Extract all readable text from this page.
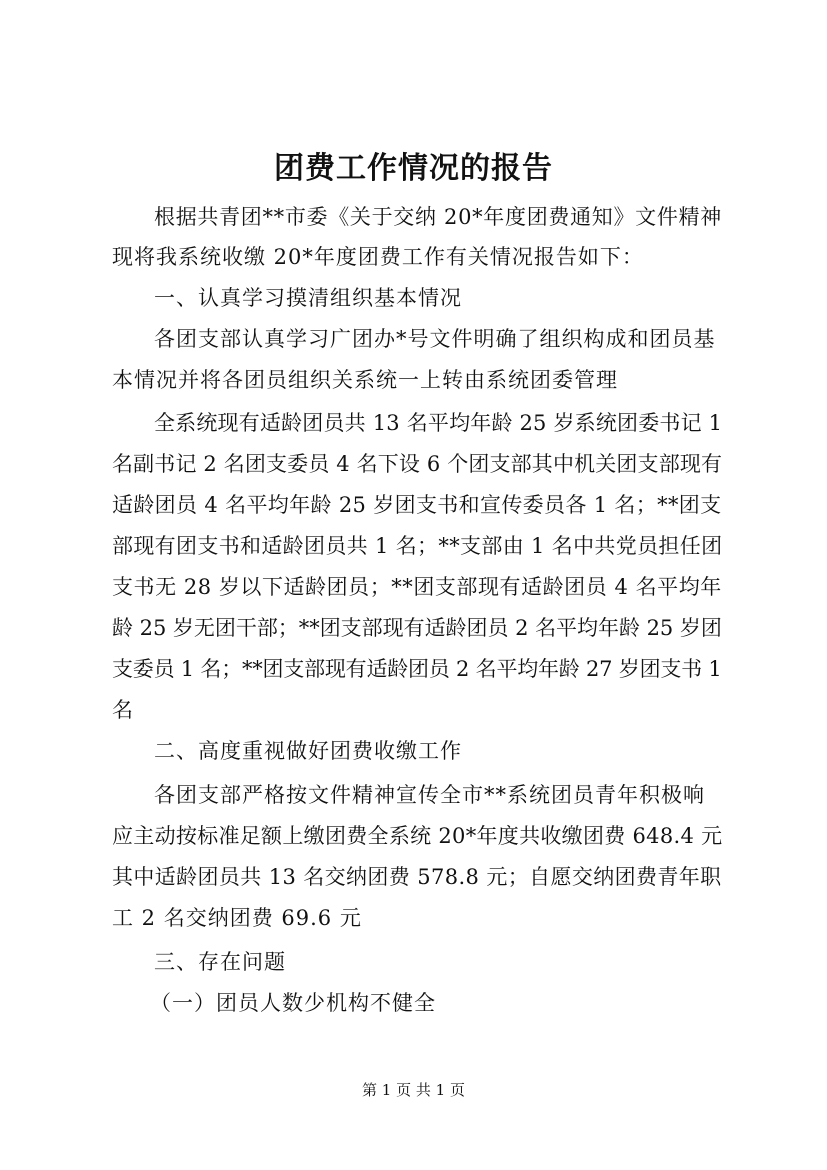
团费工作情况的报告
根据共青团**市委《关于交纳 20*年度团费通知》文件精神
现将我系统收缴 20*年度团费工作有关情况报告如下：
一、认真学习摸清组织基本情况
各团支部认真学习广团办*号文件明确了组织构成和团员基
本情况并将各团员组织关系统一上转由系统团委管理
全系统现有适龄团员共 13 名平均年龄 25 岁系统团委书记 1
名副书记 2 名团支委员 4 名下设 6 个团支部其中机关团支部现有
适龄团员 4 名平均年龄 25 岁团支书和宣传委员各 1 名；**团支
部现有团支书和适龄团员共 1 名；**支部由 1 名中共党员担任团
支书无 28 岁以下适龄团员；**团支部现有适龄团员 4 名平均年
龄 25 岁无团干部；**团支部现有适龄团员 2 名平均年龄 25 岁团
支委员 1 名；**团支部现有适龄团员 2 名平均年龄 27 岁团支书 1
名
二、高度重视做好团费收缴工作
各团支部严格按文件精神宣传全市**系统团员青年积极响
应主动按标准足额上缴团费全系统 20*年度共收缴团费 648.4 元
其中适龄团员共 13 名交纳团费 578.8 元；自愿交纳团费青年职
工 2 名交纳团费 69.6 元
三、存在问题
（一）团员人数少机构不健全
第 1 页 共 1 页
